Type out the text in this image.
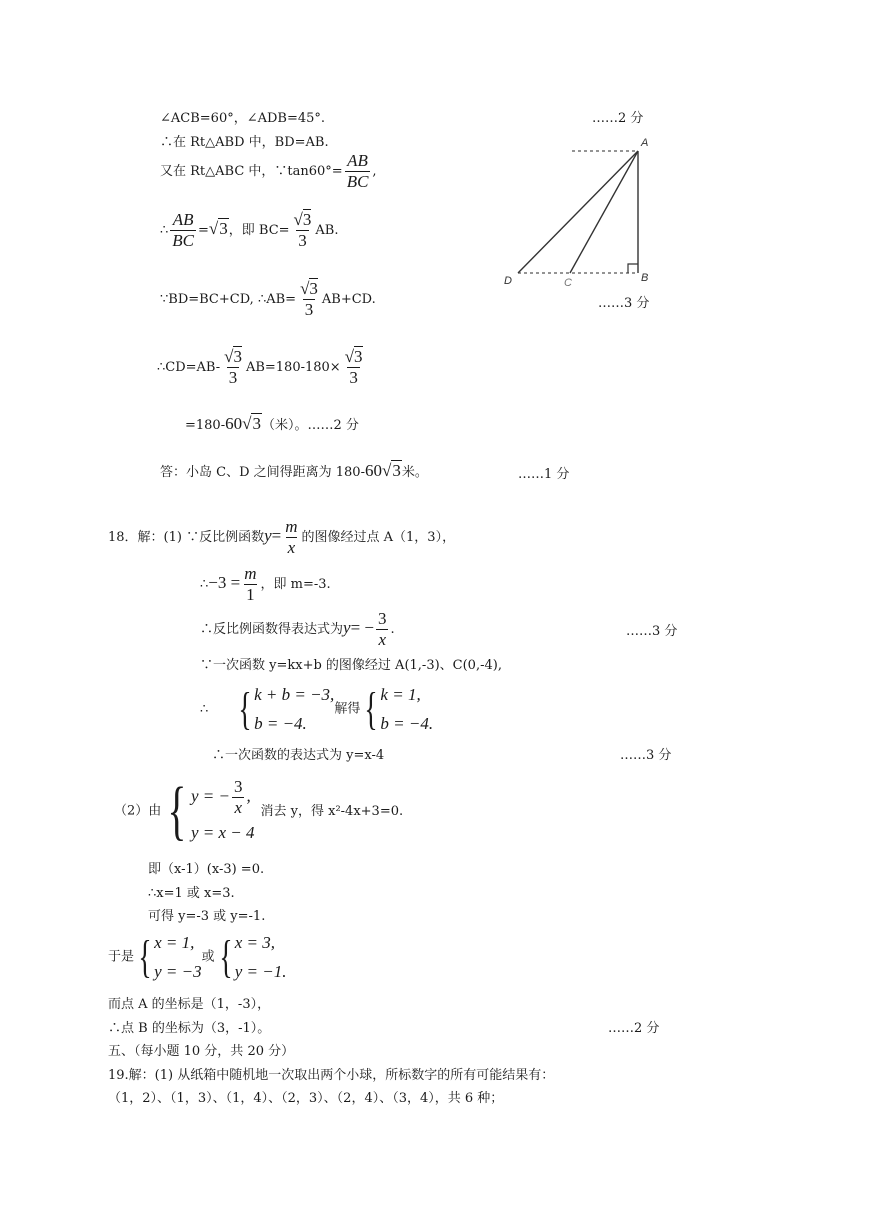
∠ACB=60°，∠ADB=45°.	……2 分
∴在 Rt△ABD 中，BD=AB.
又在 Rt△ABC 中，∵tan60°= $\frac{AB}{BC}$ ,
∴ $\frac{AB}{BC} =√3$，即 $BC= \frac{√3}{3}$ AB.
∵BD=BC+CD, ∴AB= $\frac{√3}{3} AB+CD$.	……3 分
∴CD=AB- $\frac{√3}{3} AB=180-180\times \frac{√3}{3}$
=180-60√3（米）。……2 分
答：小岛 C、D 之间得距离为 180-60√3米。	……1 分
A
B
C
D
18．解：(1) ∵反比例函数$y= \frac{m}{x}$ 的图像经过点 A（1，3），
∴−3 = $\frac{m}{1}$ ，即 m=-3.
∴反比例函数得表达式为$y= - \frac{3}{x}$ .	……3 分
∵一次函数 y=kx+b 的图像经过 A(1,-3)、C(0,-4),
∴ { k + b = −3,
b = −4.
解得 { k = 1,
b = −4.
∴一次函数的表达式为 y=x-4	……3 分
（2）由 { y = − $\frac{3}{x}$ ,
y = x − 4
消去 y，得 x²-4x+3=0.
即（x-1）(x-3) =0.
∴x=1 或 x=3.
可得 y=-3 或 y=-1.
于是 { x = 1,
y = −3
或 { x = 3,
y = −1.
而点 A 的坐标是（1，-3），
∴点 B 的坐标为（3，-1）。	……2 分
五、（每小题 10 分，共 20 分）
19.解：(1) 从纸箱中随机地一次取出两个小球，所标数字的所有可能结果有：
（1，2）、（1，3）、（1，4）、（2，3）、（2，4）、（3，4），共 6 种；
